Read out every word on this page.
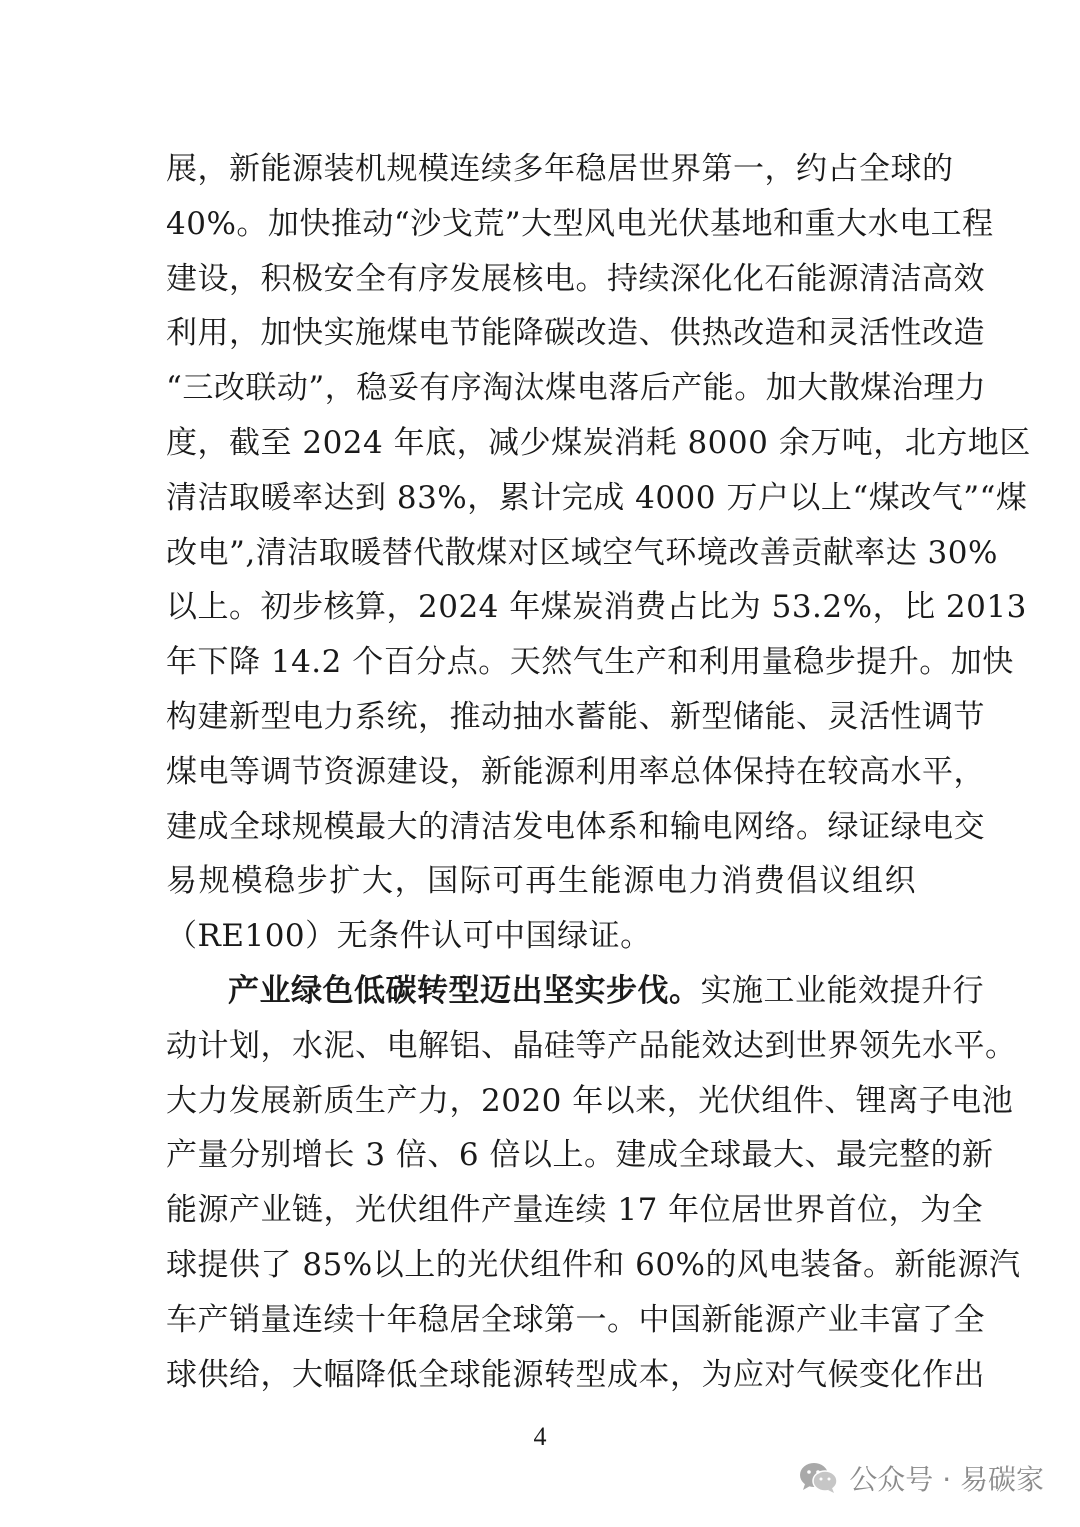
展，新能源装机规模连续多年稳居世界第一，约占全球的
40%。加快推动“沙戈荒”大型风电光伏基地和重大水电工程
建设，积极安全有序发展核电。持续深化化石能源清洁高效
利用，加快实施煤电节能降碳改造、供热改造和灵活性改造
“三改联动”，稳妥有序淘汰煤电落后产能。加大散煤治理力
度，截至 2024 年底，减少煤炭消耗 8000 余万吨，北方地区
清洁取暖率达到 83%，累计完成 4000 万户以上“煤改气”“煤
改电”,清洁取暖替代散煤对区域空气环境改善贡献率达 30%
以上。初步核算，2024 年煤炭消费占比为 53.2%，比 2013
年下降 14.2 个百分点。天然气生产和利用量稳步提升。加快
构建新型电力系统，推动抽水蓄能、新型储能、灵活性调节
煤电等调节资源建设，新能源利用率总体保持在较高水平，
建成全球规模最大的清洁发电体系和输电网络。绿证绿电交
易规模稳步扩大，国际可再生能源电力消费倡议组织
（RE100）无条件认可中国绿证。
产业绿色低碳转型迈出坚实步伐。实施工业能效提升行
动计划，水泥、电解铝、晶硅等产品能效达到世界领先水平。
大力发展新质生产力，2020 年以来，光伏组件、锂离子电池
产量分别增长 3 倍、6 倍以上。建成全球最大、最完整的新
能源产业链，光伏组件产量连续 17 年位居世界首位，为全
球提供了 85%以上的光伏组件和 60%的风电装备。新能源汽
车产销量连续十年稳居全球第一。中国新能源产业丰富了全
球供给，大幅降低全球能源转型成本，为应对气候变化作出
4
公众号 · 易碳家
